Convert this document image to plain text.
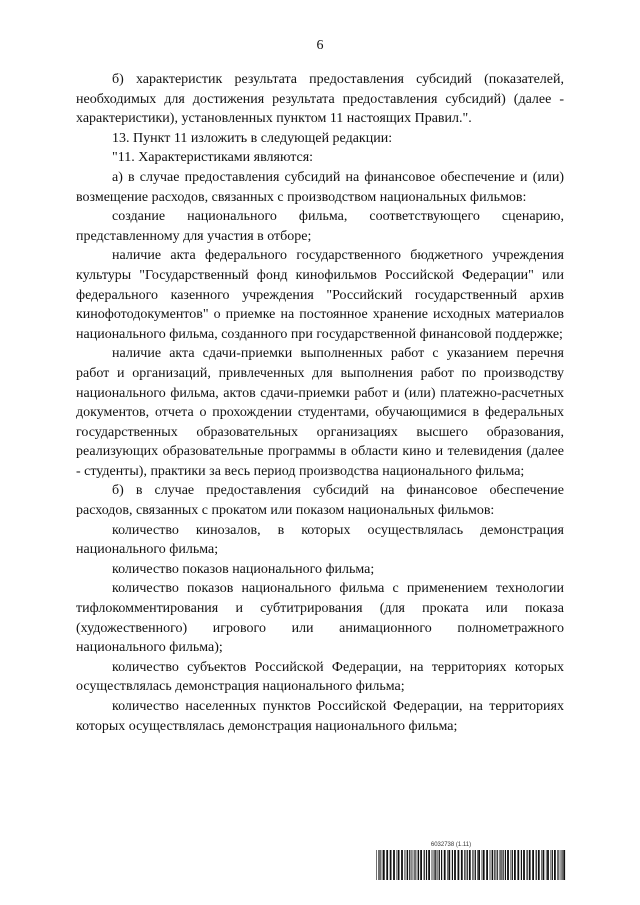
6

б) характеристик результата предоставления субсидий (показателей, необходимых для достижения результата предоставления субсидий) (далее - характеристики), установленных пунктом 11 настоящих Правил.".

13. Пункт 11 изложить в следующей редакции:

"11. Характеристиками являются:

а) в случае предоставления субсидий на финансовое обеспечение и (или) возмещение расходов, связанных с производством национальных фильмов:

создание национального фильма, соответствующего сценарию, представленному для участия в отборе;

наличие акта федерального государственного бюджетного учреждения культуры "Государственный фонд кинофильмов Российской Федерации" или федерального казенного учреждения "Российский государственный архив кинофотодокументов" о приемке на постоянное хранение исходных материалов национального фильма, созданного при государственной финансовой поддержке;

наличие акта сдачи-приемки выполненных работ с указанием перечня работ и организаций, привлеченных для выполнения работ по производству национального фильма, актов сдачи-приемки работ и (или) платежно-расчетных документов, отчета о прохождении студентами, обучающимися в федеральных государственных образовательных организациях высшего образования, реализующих образовательные программы в области кино и телевидения (далее - студенты), практики за весь период производства национального фильма;

б) в случае предоставления субсидий на финансовое обеспечение расходов, связанных с прокатом или показом национальных фильмов:

количество кинозалов, в которых осуществлялась демонстрация национального фильма;

количество показов национального фильма;

количество показов национального фильма с применением технологии тифлокомментирования и субтитрирования (для проката или показа (художественного) игрового или анимационного полнометражного национального фильма);

количество субъектов Российской Федерации, на территориях которых осуществлялась демонстрация национального фильма;

количество населенных пунктов Российской Федерации, на территориях которых осуществлялась демонстрация национального фильма;

6032738 (1.11)
